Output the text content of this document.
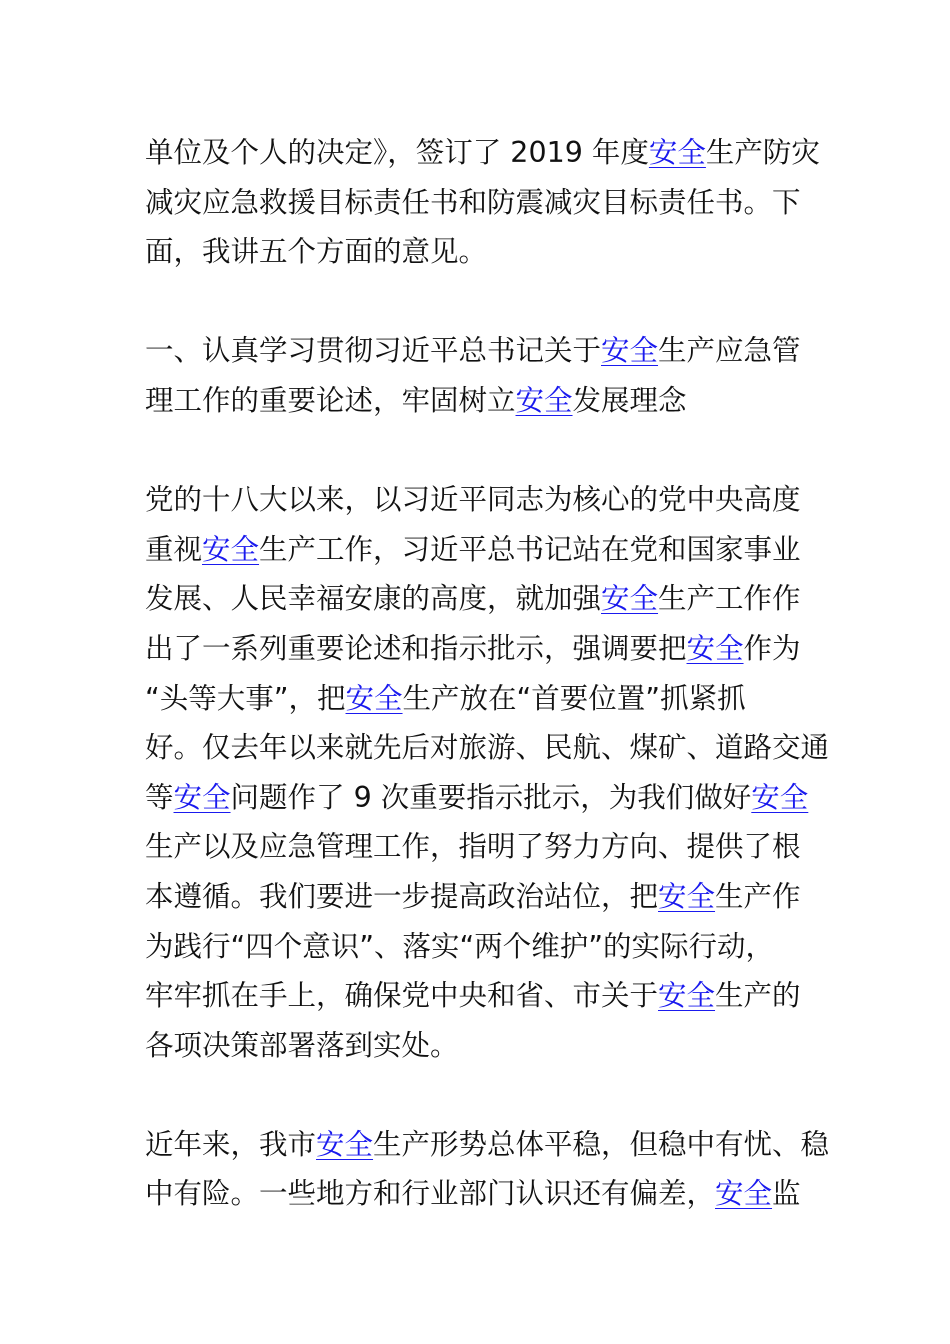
单位及个人的决定》，签订了 2019 年度安全生产防灾
减灾应急救援目标责任书和防震减灾目标责任书。下
面，我讲五个方面的意见。
一、认真学习贯彻习近平总书记关于安全生产应急管
理工作的重要论述，牢固树立安全发展理念
党的十八大以来，以习近平同志为核心的党中央高度
重视安全生产工作，习近平总书记站在党和国家事业
发展、人民幸福安康的高度，就加强安全生产工作作
出了一系列重要论述和指示批示，强调要把安全作为
“头等大事”，把安全生产放在“首要位置”抓紧抓
好。仅去年以来就先后对旅游、民航、煤矿、道路交通
等安全问题作了 9 次重要指示批示，为我们做好安全
生产以及应急管理工作，指明了努力方向、提供了根
本遵循。我们要进一步提高政治站位，把安全生产作
为践行“四个意识”、落实“两个维护”的实际行动，
牢牢抓在手上，确保党中央和省、市关于安全生产的
各项决策部署落到实处。
近年来，我市安全生产形势总体平稳，但稳中有忧、稳
中有险。一些地方和行业部门认识还有偏差，安全监
